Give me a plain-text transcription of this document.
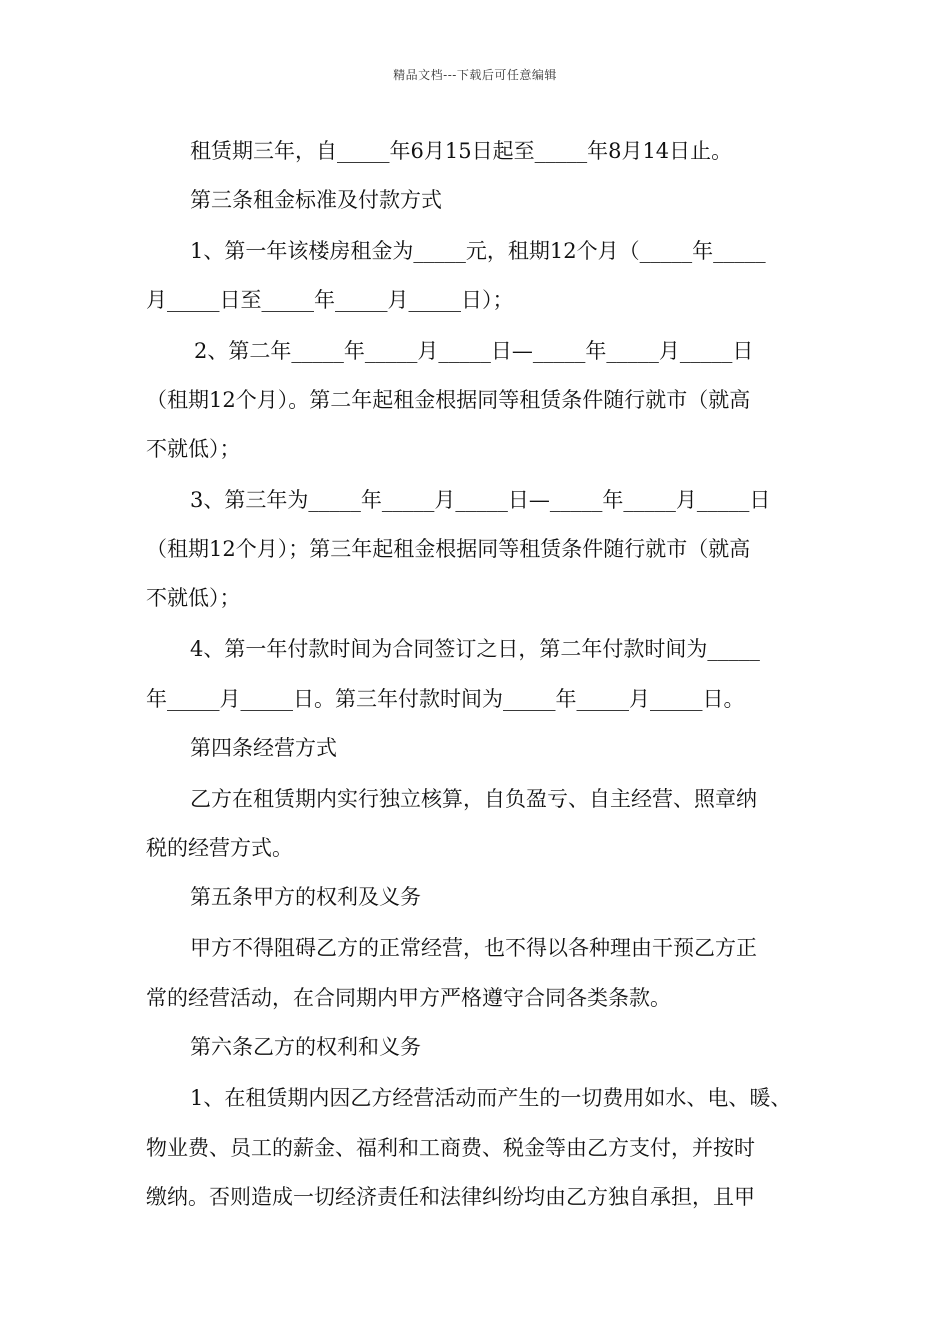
精品文档---下载后可任意编辑
租赁期三年，自_____年6月15日起至_____年8月14日止。
第三条租金标准及付款方式
1、第一年该楼房租金为_____元，租期12个月（_____年_____
月_____日至_____年_____月_____日）；
2、第二年_____年_____月_____日—_____年_____月_____日
（租期12个月）。第二年起租金根据同等租赁条件随行就市（就高
不就低）；
3、第三年为_____年_____月_____日—_____年_____月_____日
（租期12个月）；第三年起租金根据同等租赁条件随行就市（就高
不就低）；
4、第一年付款时间为合同签订之日，第二年付款时间为_____
年_____月_____日。第三年付款时间为_____年_____月_____日。
第四条经营方式
乙方在租赁期内实行独立核算，自负盈亏、自主经营、照章纳
税的经营方式。
第五条甲方的权利及义务
甲方不得阻碍乙方的正常经营，也不得以各种理由干预乙方正
常的经营活动，在合同期内甲方严格遵守合同各类条款。
第六条乙方的权利和义务
1、在租赁期内因乙方经营活动而产生的一切费用如水、电、暖、
物业费、员工的薪金、福利和工商费、税金等由乙方支付，并按时
缴纳。否则造成一切经济责任和法律纠纷均由乙方独自承担，且甲
